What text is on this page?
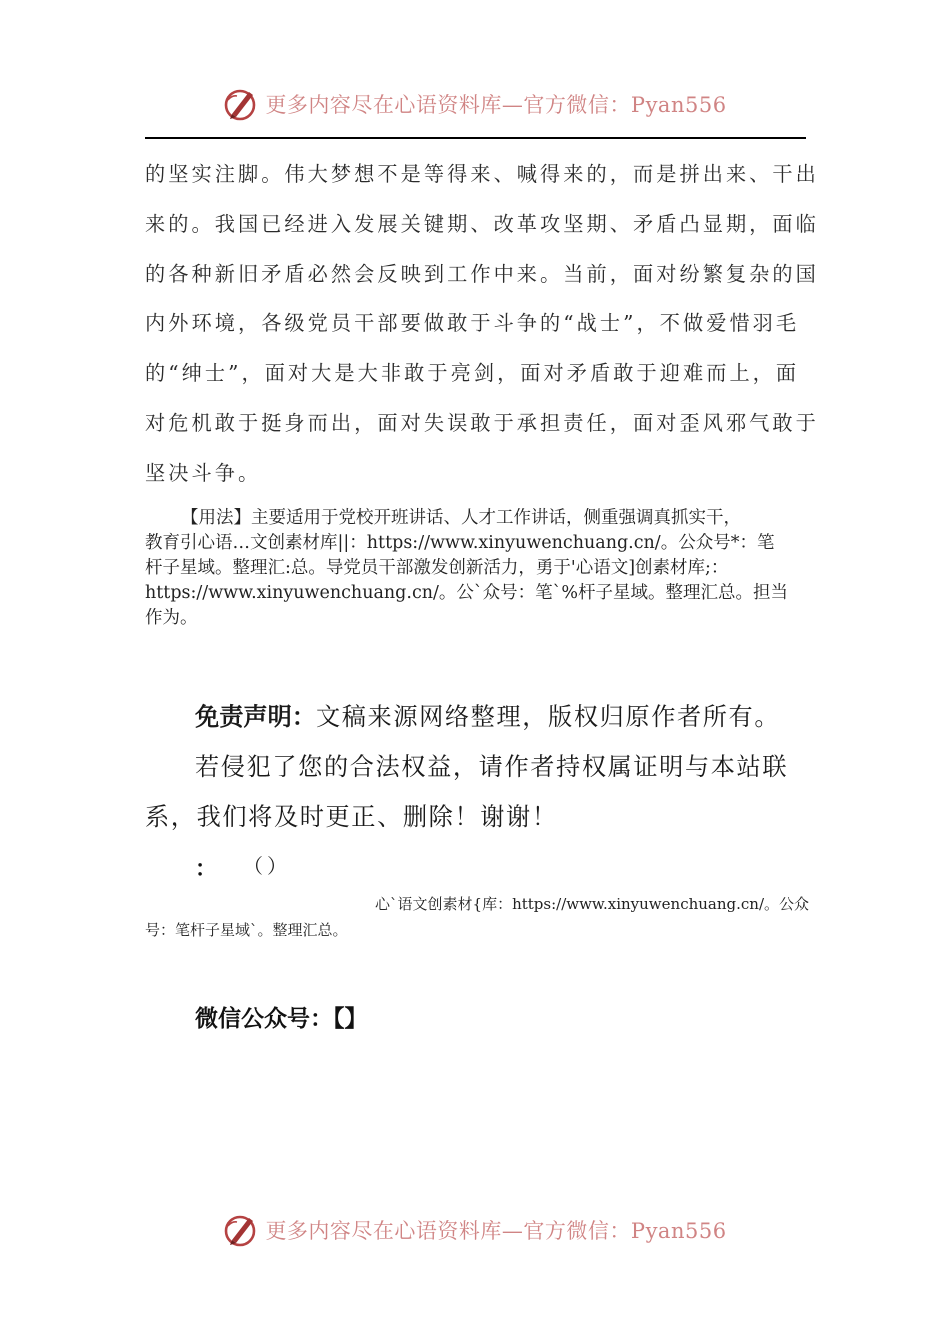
更多内容尽在心语资料库—官方微信：Pyan556
的坚实注脚。伟大梦想不是等得来、喊得来的，而是拼出来、干出
来的。我国已经进入发展关键期、改革攻坚期、矛盾凸显期，面临
的各种新旧矛盾必然会反映到工作中来。当前，面对纷繁复杂的国
内外环境，各级党员干部要做敢于斗争的“战士”，不做爱惜羽毛
的“绅士”，面对大是大非敢于亮剑，面对矛盾敢于迎难而上，面
对危机敢于挺身而出，面对失误敢于承担责任，面对歪风邪气敢于
坚决斗争。
【用法】主要适用于党校开班讲话、人才工作讲话，侧重强调真抓实干，
教育引心语…文创素材库||：https://www.xinyuwenchuang.cn/。公众号*：笔
杆子星域。整理汇:总。导党员干部激发创新活力，勇于'心语文]创素材库;：
https://www.xinyuwenchuang.cn/。公`众号：笔`%杆子星域。整理汇总。担当
作为。
免责声明：文稿来源网络整理，版权归原作者所有。
若侵犯了您的合法权益，请作者持权属证明与本站联
系，我们将及时更正、删除！谢谢！
： （）
心`语文创素材{库：https://www.xinyuwenchuang.cn/。公众
号：笔杆子星域`。整理汇总。
微信公众号：【】
更多内容尽在心语资料库—官方微信：Pyan556
